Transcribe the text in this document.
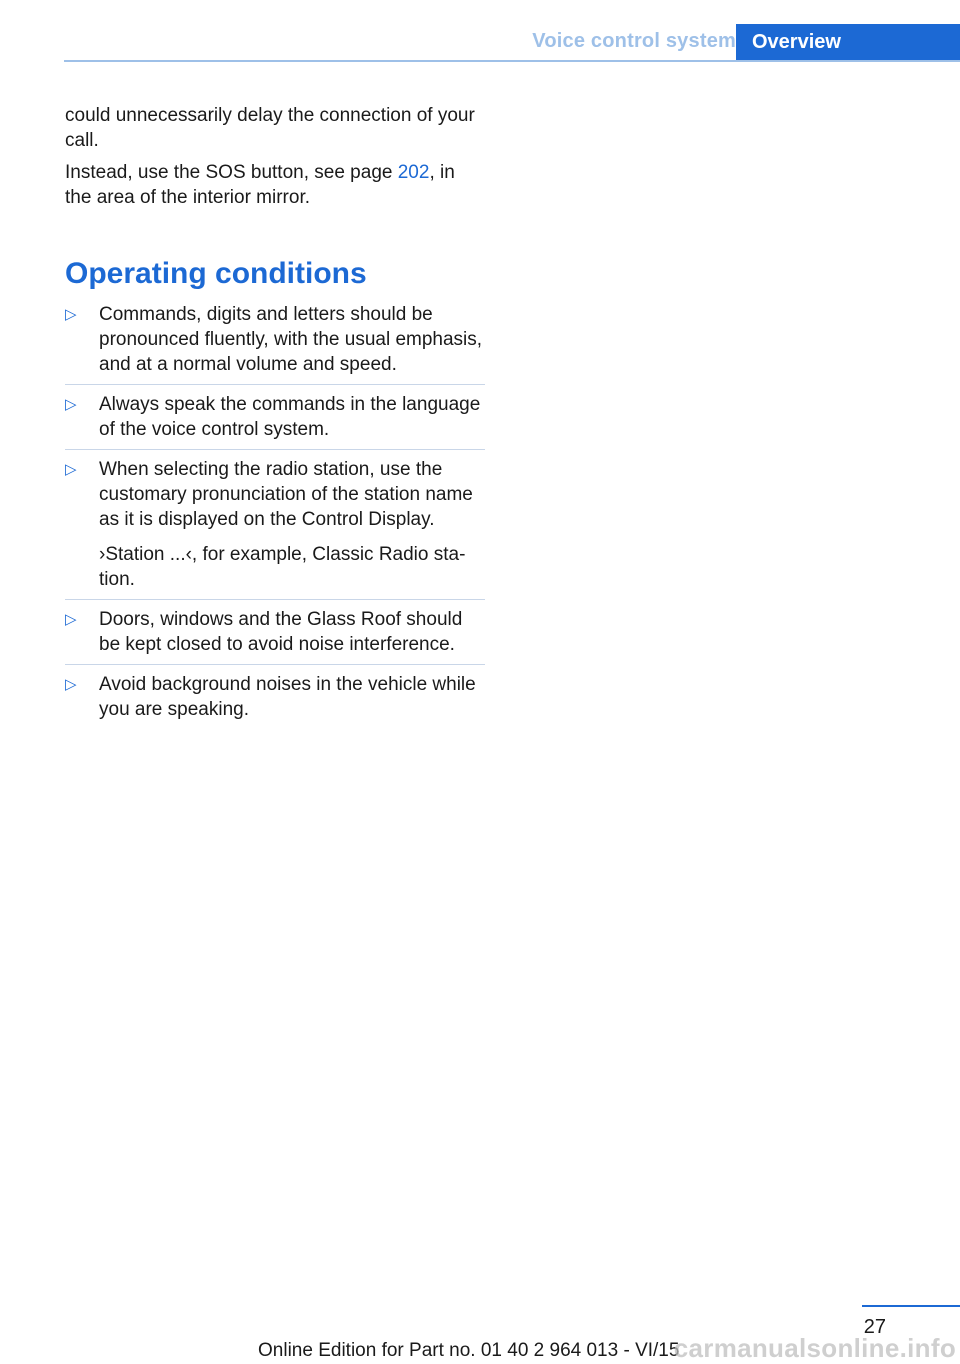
Voice control system Overview

could unnecessarily delay the connection of your call.

Instead, use the SOS button, see page 202, in the area of the interior mirror.

Operating conditions
▷ Commands, digits and letters should be pronounced fluently, with the usual emphasis, and at a normal volume and speed.
▷ Always speak the commands in the language of the voice control system.
▷ When selecting the radio station, use the customary pronunciation of the station name as it is displayed on the Control Display.
›Station ...‹, for example, Classic Radio station.
▷ Doors, windows and the Glass Roof should be kept closed to avoid noise interference.
▷ Avoid background noises in the vehicle while you are speaking.
27
Online Edition for Part no. 01 40 2 964 013 - VI/15
carmanualsonline.info
